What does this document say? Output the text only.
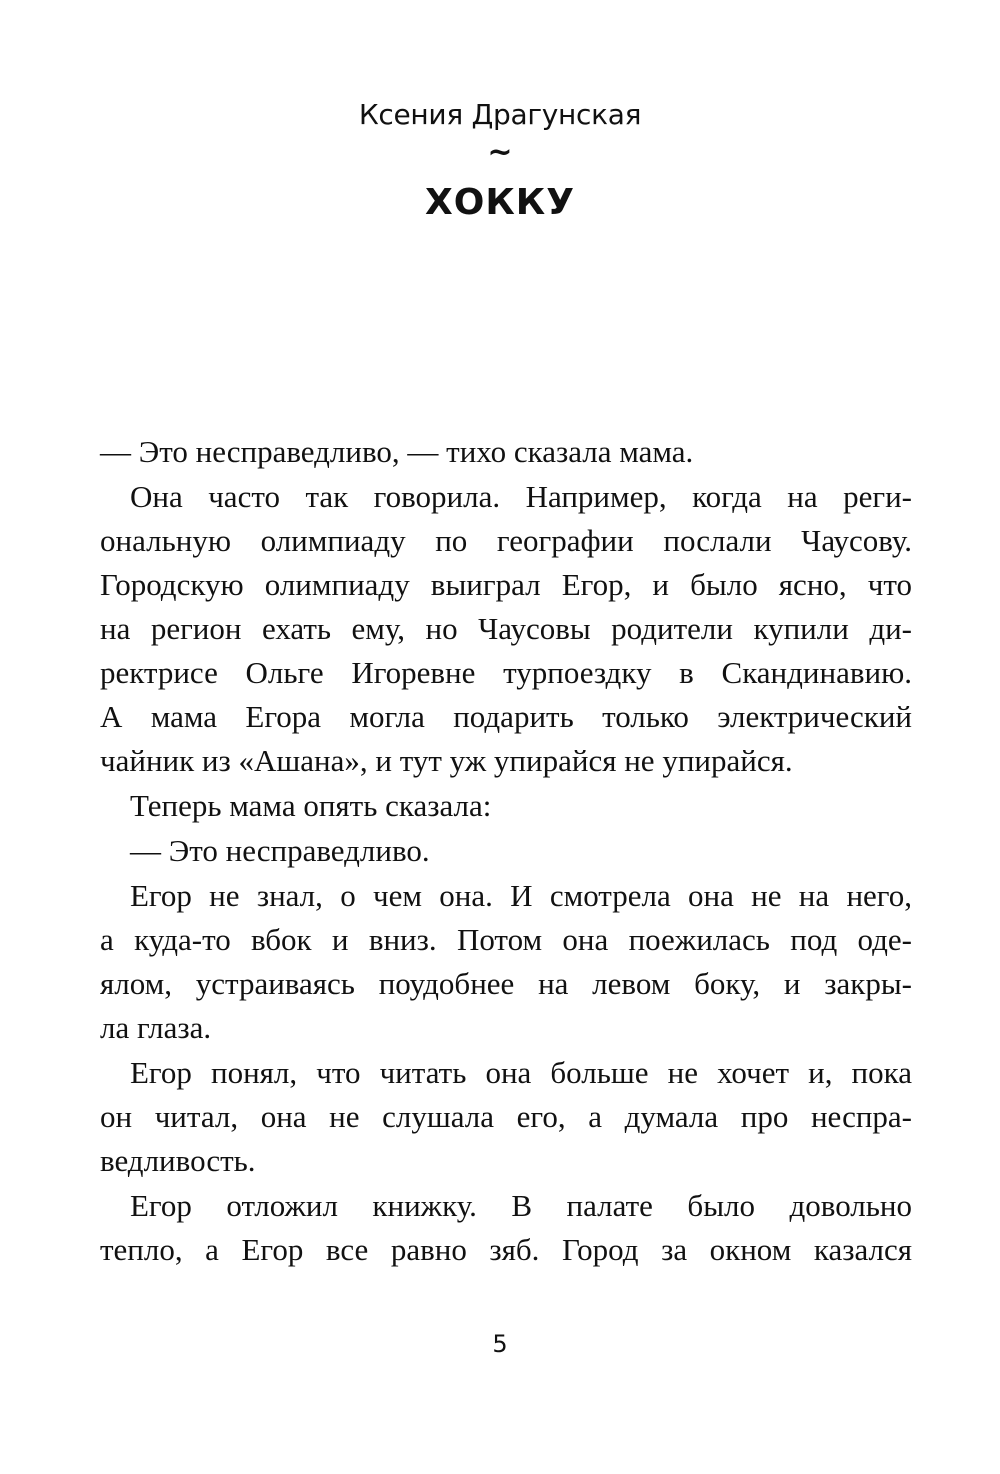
Ксения Драгунская
~
ХОККУ
— Это несправедливо, — тихо сказала мама.
Она часто так говорила. Например, когда на реги-
ональную олимпиаду по географии послали Чаусову.
Городскую олимпиаду выиграл Егор, и было ясно, что
на регион ехать ему, но Чаусовы родители купили ди-
ректрисе Ольге Игоревне турпоездку в Скандинавию.
А мама Егора могла подарить только электрический
чайник из «Ашана», и тут уж упирайся не упирайся.
Теперь мама опять сказала:
— Это несправедливо.
Егор не знал, о чем она. И смотрела она не на него,
а куда-то вбок и вниз. Потом она поежилась под оде-
ялом, устраиваясь поудобнее на левом боку, и закры-
ла глаза.
Егор понял, что читать она больше не хочет и, пока
он читал, она не слушала его, а думала про неспра-
ведливость.
Егор отложил книжку. В палате было довольно
тепло, а Егор все равно зяб. Город за окном казался
5
